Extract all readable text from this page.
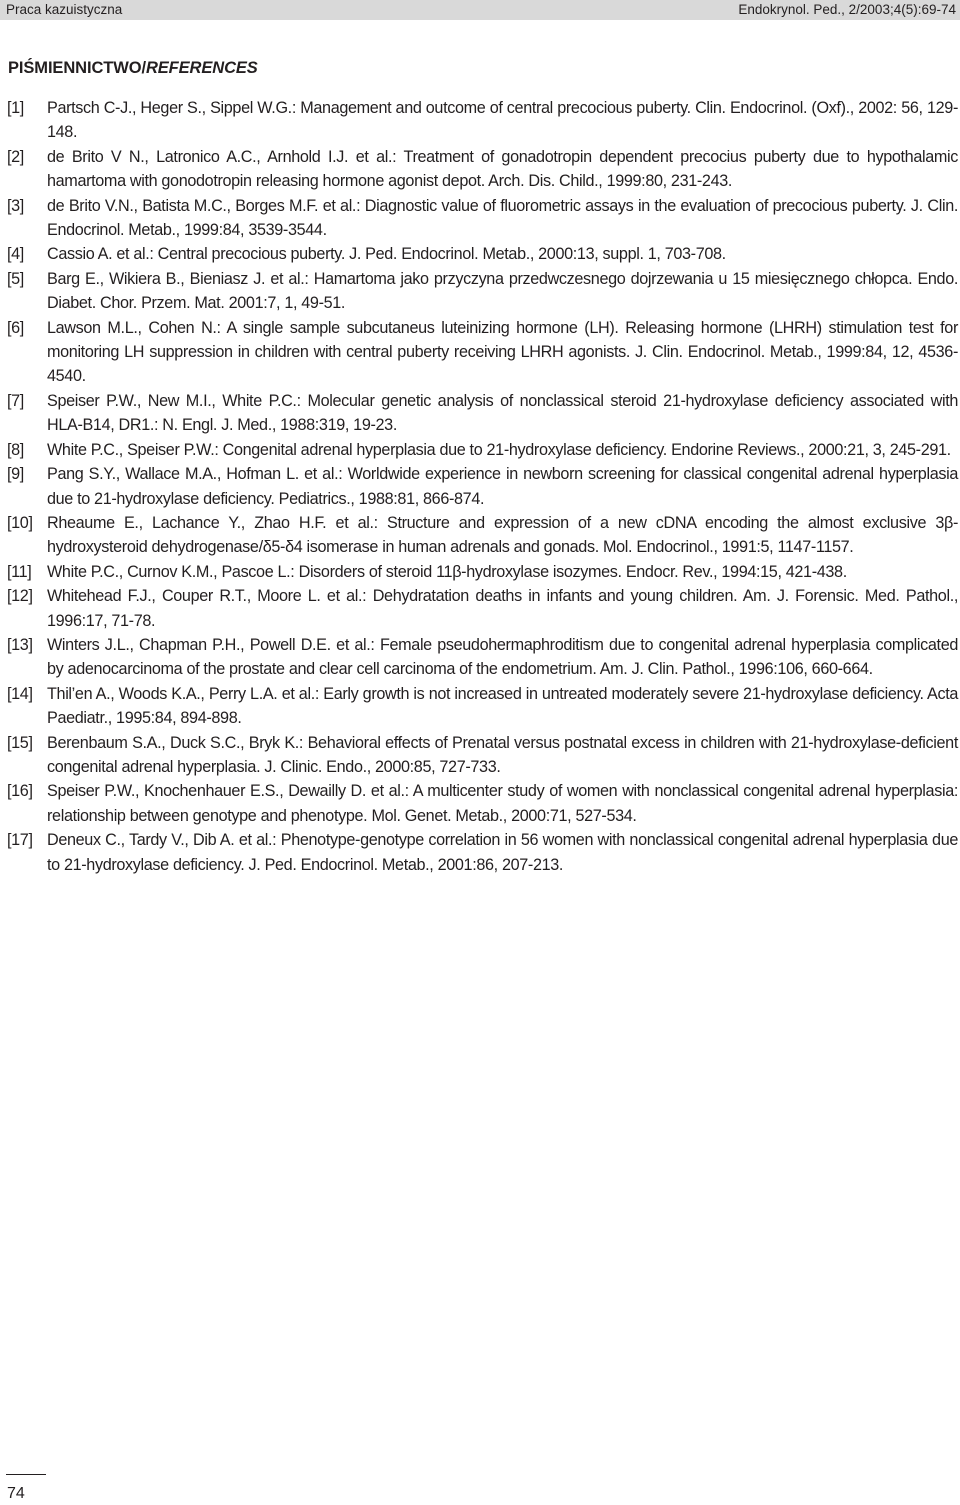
Praca kazuistyczna	Endokrynol. Ped., 2/2003;4(5):69-74
PIŚMIENNICTWO/REFERENCES
[1] Partsch C-J., Heger S., Sippel W.G.: Management and outcome of central precocious puberty. Clin. Endocrinol. (Oxf)., 2002: 56, 129-148.
[2] de Brito V N., Latronico A.C., Arnhold I.J. et al.: Treatment of gonadotropin dependent precocius puberty due to hypothalamic hamartoma with gonodotropin releasing hormone agonist depot. Arch. Dis. Child., 1999:80, 231-243.
[3] de Brito V.N., Batista M.C., Borges M.F. et al.: Diagnostic value of fluorometric assays in the evaluation of precocious puberty. J. Clin. Endocrinol. Metab., 1999:84, 3539-3544.
[4] Cassio A. et al.: Central precocious puberty. J. Ped. Endocrinol. Metab., 2000:13, suppl. 1, 703-708.
[5] Barg E., Wikiera B., Bieniasz J. et al.: Hamartoma jako przyczyna przedwczesnego dojrzewania u 15 miesięcznego chłopca. Endo. Diabet. Chor. Przem. Mat. 2001:7, 1, 49-51.
[6] Lawson M.L., Cohen N.: A single sample subcutaneus luteinizing hormone (LH). Releasing hormone (LHRH) stimulation test for monitoring LH suppression in children with central puberty receiving LHRH agonists. J. Clin. Endocrinol. Metab., 1999:84, 12, 4536-4540.
[7] Speiser P.W., New M.I., White P.C.: Molecular genetic analysis of nonclassical steroid 21-hydroxylase deficiency associated with HLA-B14, DR1.: N. Engl. J. Med., 1988:319, 19-23.
[8] White P.C., Speiser P.W.: Congenital adrenal hyperplasia due to 21-hydroxylase deficiency. Endorine Reviews., 2000:21, 3, 245-291.
[9] Pang S.Y., Wallace M.A., Hofman L. et al.: Worldwide experience in newborn screening for classical congenital adrenal hyperplasia due to 21-hydroxylase deficiency. Pediatrics., 1988:81, 866-874.
[10] Rheaume E., Lachance Y., Zhao H.F. et al.: Structure and expression of a new cDNA encoding the almost exclusive 3β-hydroxysteroid dehydrogenase/δ5-δ4 isomerase in human adrenals and gonads. Mol. Endocrinol., 1991:5, 1147-1157.
[11] White P.C., Curnov K.M., Pascoe L.: Disorders of steroid 11β-hydroxylase isozymes. Endocr. Rev., 1994:15, 421-438.
[12] Whitehead F.J., Couper R.T., Moore L. et al.: Dehydratation deaths in infants and young children. Am. J. Forensic. Med. Pathol., 1996:17, 71-78.
[13] Winters J.L., Chapman P.H., Powell D.E. et al.: Female pseudohermaphroditism due to congenital adrenal hyperplasia complicated by adenocarcinoma of the prostate and clear cell carcinoma of the endometrium. Am. J. Clin. Pathol., 1996:106, 660-664.
[14] Thil’en A., Woods K.A., Perry L.A. et al.: Early growth is not increased in untreated moderately severe 21-hydroxylase deficiency. Acta Paediatr., 1995:84, 894-898.
[15] Berenbaum S.A., Duck S.C., Bryk K.: Behavioral effects of Prenatal versus postnatal excess in children with 21-hydroxylase-deficient congenital adrenal hyperplasia. J. Clinic. Endo., 2000:85, 727-733.
[16] Speiser P.W., Knochenhauer E.S., Dewailly D. et al.: A multicenter study of women with nonclassical congenital adrenal hyperplasia: relationship between genotype and phenotype. Mol. Genet. Metab., 2000:71, 527-534.
[17] Deneux C., Tardy V., Dib A. et al.: Phenotype-genotype correlation in 56 women with nonclassical congenital adrenal hyperplasia due to 21-hydroxylase deficiency. J. Ped. Endocrinol. Metab., 2001:86, 207-213.
74
